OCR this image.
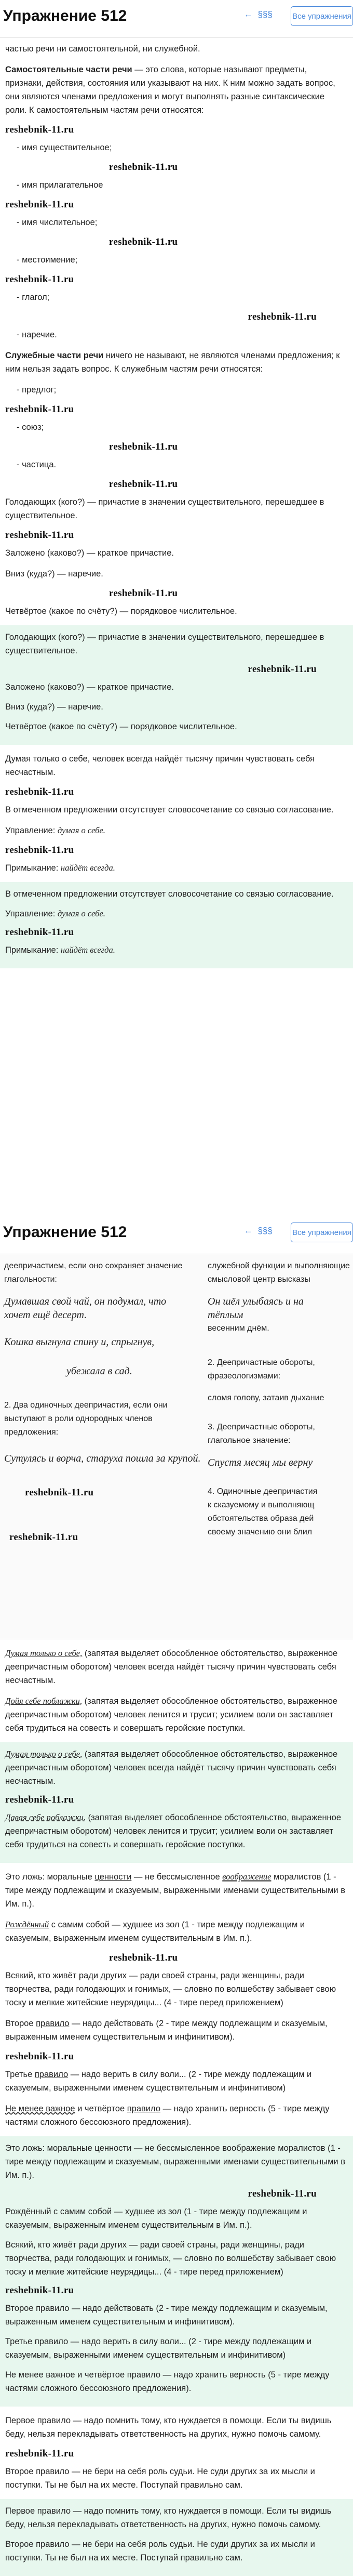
Упражнение 512	←  §§§	Все упражнения

частью речи ни самостоятельной, ни служебной.

Самостоятельные части речи — это слова, которые называют предметы, признаки, действия, состояния или указывают на них. К ним можно задать вопрос, они являются членами предложения и могут выполнять разные синтаксические роли. К самостоятельным частям речи относятся:

reshebnik-11.ru

- имя существительное;

reshebnik-11.ru

- имя прилагательное

reshebnik-11.ru

- имя числительное;

reshebnik-11.ru

- местоимение;

reshebnik-11.ru

- глагол;

reshebnik-11.ru

- наречие.

Служебные части речи ничего не называют, не являются членами предложения; к ним нельзя задать вопрос. К служебным частям речи относятся:

- предлог;

reshebnik-11.ru

- союз;

reshebnik-11.ru

- частица.

reshebnik-11.ru

Голодающих (кого?) — причастие в значении существительного, перешедшее в существительное.

reshebnik-11.ru

Заложено (каково?) — краткое причастие.

Вниз (куда?) — наречие.

reshebnik-11.ru

Четвёртое (какое по счёту?) — порядковое числительное.

Голодающих (кого?) — причастие в значении существительного, перешедшее в существительное.

reshebnik-11.ru

Заложено (каково?) — краткое причастие.

Вниз (куда?) — наречие.

Четвёртое (какое по счёту?) — порядковое числительное.

Думая только о себе, человек всегда найдёт тысячу причин чувствовать себя несчастным.

reshebnik-11.ru

В отмеченном предложении отсутствует словосочетание со связью согласование.

Управление: думая о себе.

reshebnik-11.ru

Примыкание: найдёт всегда.

В отмеченном предложении отсутствует словосочетание со связью согласование.

Управление: думая о себе.

reshebnik-11.ru

Примыкание: найдёт всегда.

Упражнение 512	←  §§§	Все упражнения
деепричастием, если оно сохраняет значение
глагольности:
Думавшая свой чай, он подумал, что
хочет ещё десерт.
Кошка выгнула спину и, спрыгнув,
убежала в сад.
2. Два одиночных деепричастия, если они
выступают в роли однородных членов
предложения:
Сутулясь и ворча, старуха пошла за крупой.
reshebnik-11.ru
reshebnik-11.ru
служебной функции и выполняющие
смысловой центр высказы
Он шёл улыбаясь и на
тёплым
весенним днём.
2. Деепричастные обороты,
фразеологизмами:
сломя голову, затаив дыхание
3. Деепричастные обороты,
глагольное значение:
Спустя месяц мы верну
4. Одиночные деепричастия
к сказуемому и выполняющ
обстоятельства образа дей
своему значению они блил

Думая только о себе, (запятая выделяет обособленное обстоятельство, выраженное деепричастным оборотом) человек всегда найдёт тысячу причин чувствовать себя несчастным.

Дойя себе поблажки, (запятая выделяет обособленное обстоятельство, выраженное деепричастным оборотом) человек ленится и трусит; усилием воли он заставляет себя трудиться на совесть и совершать геройские поступки.

Думая только о себе, (запятая выделяет обособленное обстоятельство, выраженное деепричастным оборотом) человек всегда найдёт тысячу причин чувствовать себя несчастным.

reshebnik-11.ru

Давая себе поблажки, (запятая выделяет обособленное обстоятельство, выраженное деепричастным оборотом) человек ленится и трусит; усилием воли он заставляет себя трудиться на совесть и совершать геройские поступки.

Это ложь: моральные ценности — не бессмысленное воображение моралистов (1 - тире между подлежащим и сказуемым, выраженными именами существительными в Им. п.).

Рождённый с самим собой — худшее из зол (1 - тире между подлежащим и сказуемым, выраженным именем существительным в Им. п.).

reshebnik-11.ru

Всякий, кто живёт ради других — ради своей страны, ради женщины, ради творчества, ради голодающих и гонимых, — словно по волшебству забывает свою тоску и мелкие житейские неурядицы... (4 - тире перед приложением)

Второе правило — надо действовать (2 - тире между подлежащим и сказуемым, выраженным именем существительным и инфинитивом).

reshebnik-11.ru

Третье правило — надо верить в силу воли... (2 - тире между подлежащим и сказуемым, выраженными именем существительным и инфинитивом)

Не менее важное и четвёртое правило — надо хранить верность (5 - тире между частями сложного бессоюзного предложения).

Это ложь: моральные ценности — не бессмысленное воображение моралистов (1 - тире между подлежащим и сказуемым, выраженными именами существительными в Им. п.).

reshebnik-11.ru

Рождённый с самим собой — худшее из зол (1 - тире между подлежащим и сказуемым, выраженным именем существительным в Им. п.).

Всякий, кто живёт ради других — ради своей страны, ради женщины, ради творчества, ради голодающих и гонимых, — словно по волшебству забывает свою тоску и мелкие житейские неурядицы... (4 - тире перед приложением)

reshebnik-11.ru

Второе правило — надо действовать (2 - тире между подлежащим и сказуемым, выраженным именем существительным и инфинитивом).

Третье правило — надо верить в силу воли... (2 - тире между подлежащим и сказуемым, выраженными именем существительным и инфинитивом)

Не менее важное и четвёртое правило — надо хранить верность (5 - тире между частями сложного бессоюзного предложения).

Первое правило — надо помнить тому, кто нуждается в помощи. Если ты видишь беду, нельзя перекладывать ответственность на других, нужно помочь самому.

reshebnik-11.ru

Второе правило — не бери на себя роль судьи. Не суди других за их мысли и поступки. Ты не был на их месте. Поступай правильно сам.

Первое правило — надо помнить тому, кто нуждается в помощи. Если ты видишь беду, нельзя перекладывать ответственность на других, нужно помочь самому.

Второе правило — не бери на себя роль судьи. Не суди других за их мысли и поступки. Ты не был на их месте. Поступай правильно сам.
